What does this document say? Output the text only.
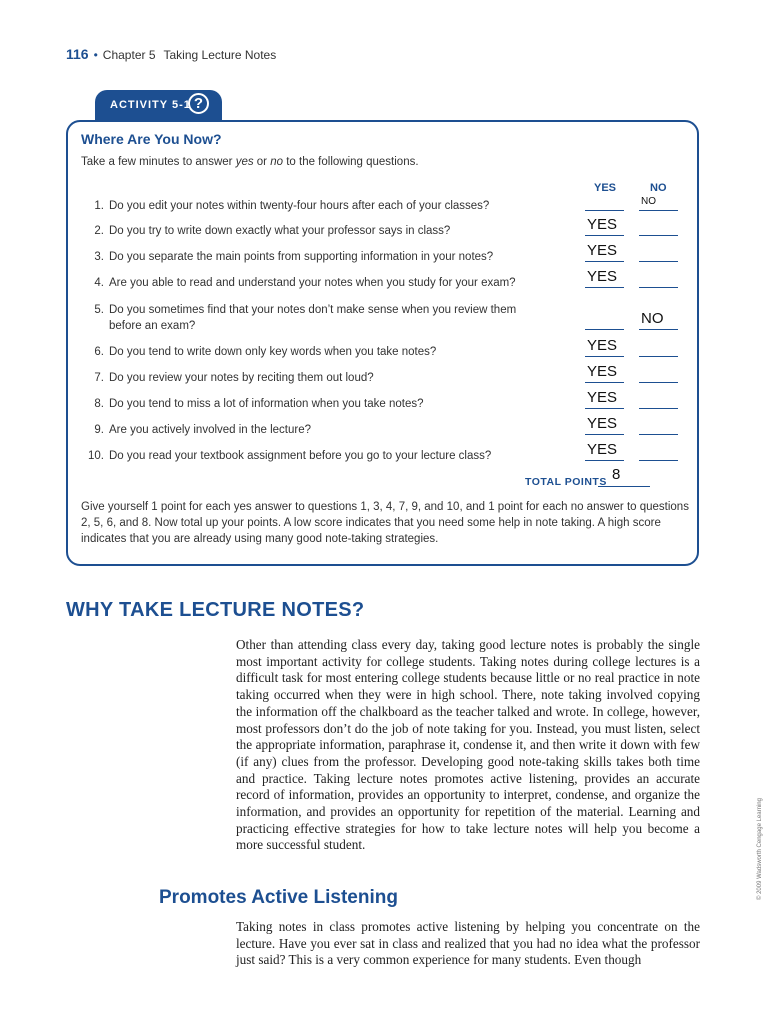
116 • Chapter 5 Taking Lecture Notes
ACTIVITY 5-1 ?
Where Are You Now?
Take a few minutes to answer yes or no to the following questions.
YES	NO
1. Do you edit your notes within twenty-four hours after each of your classes?	NO
2. Do you try to write down exactly what your professor says in class?	YES
3. Do you separate the main points from supporting information in your notes?	YES
4. Are you able to read and understand your notes when you study for your exam?	YES
5. Do you sometimes find that your notes don’t make sense when you review them
before an exam?	NO
6. Do you tend to write down only key words when you take notes?	YES
7. Do you review your notes by reciting them out loud?	YES
8. Do you tend to miss a lot of information when you take notes?	YES
9. Are you actively involved in the lecture?	YES
10. Do you read your textbook assignment before you go to your lecture class?	YES
TOTAL POINTS 8
Give yourself 1 point for each yes answer to questions 1, 3, 4, 7, 9, and 10, and 1 point for each no answer to questions 2, 5, 6, and 8. Now total up your points. A low score indicates that you need some help in note taking. A high score indicates that you are already using many good note-taking strategies.
WHY TAKE LECTURE NOTES?
Other than attending class every day, taking good lecture notes is probably the single most important activity for college students. Taking notes during college lectures is a difficult task for most entering college students because little or no real practice in note taking occurred when they were in high school. There, note taking involved copying the information off the chalkboard as the teacher talked and wrote. In college, however, most professors don’t do the job of note taking for you. Instead, you must listen, select the appropriate information, paraphrase it, condense it, and then write it down with few (if any) clues from the professor. Developing good note-taking skills takes both time and practice. Taking lecture notes promotes active listening, provides an accurate record of information, provides an opportunity to interpret, condense, and organize the information, and provides an opportunity for repetition of the material. Learning and practicing effective strategies for how to take lecture notes will help you become a more successful student.
Promotes Active Listening
Taking notes in class promotes active listening by helping you concentrate on the lecture. Have you ever sat in class and realized that you had no idea what the professor just said? This is a very common experience for many students. Even though
© 2009 Wadsworth Cengage Learning
